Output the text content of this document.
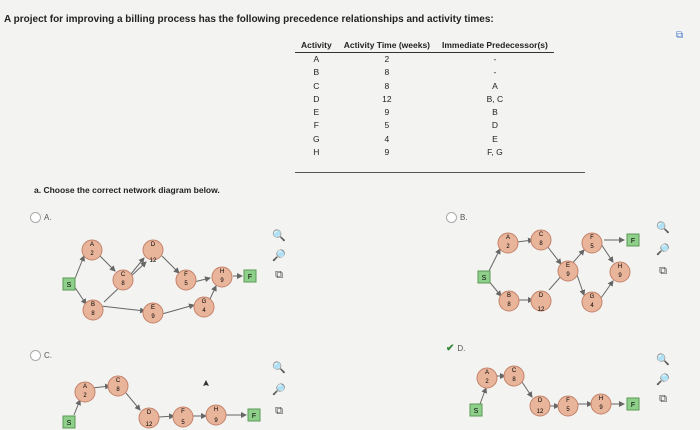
A project for improving a billing process has the following precedence relationships and activity times:
⧉
Activity	Activity Time (weeks)	Immediate Predecessor(s)
A	2	-
B	8	-
C	8	A
D	12	B, C
E	9	B
F	5	D
G	4	E
H	9	F, G
a. Choose the correct network diagram below.
A.	B.
C.
✔ D.
🔍
🔎
⧉
🔍
🔎
⧉
🔍
🔎
⧉
🔍
🔎
⧉
S
A
2
C
8
B
8
D
12
E
9
F
5
G
4
H
9	F	S
A
2
C
8
E
9
B
8
D
12
F
5
G
4
H
9
F
S
A
2
C
8
D
12
F
5
H
9
F
S
A
2
C
8
D
12
F
5
H
9	F
